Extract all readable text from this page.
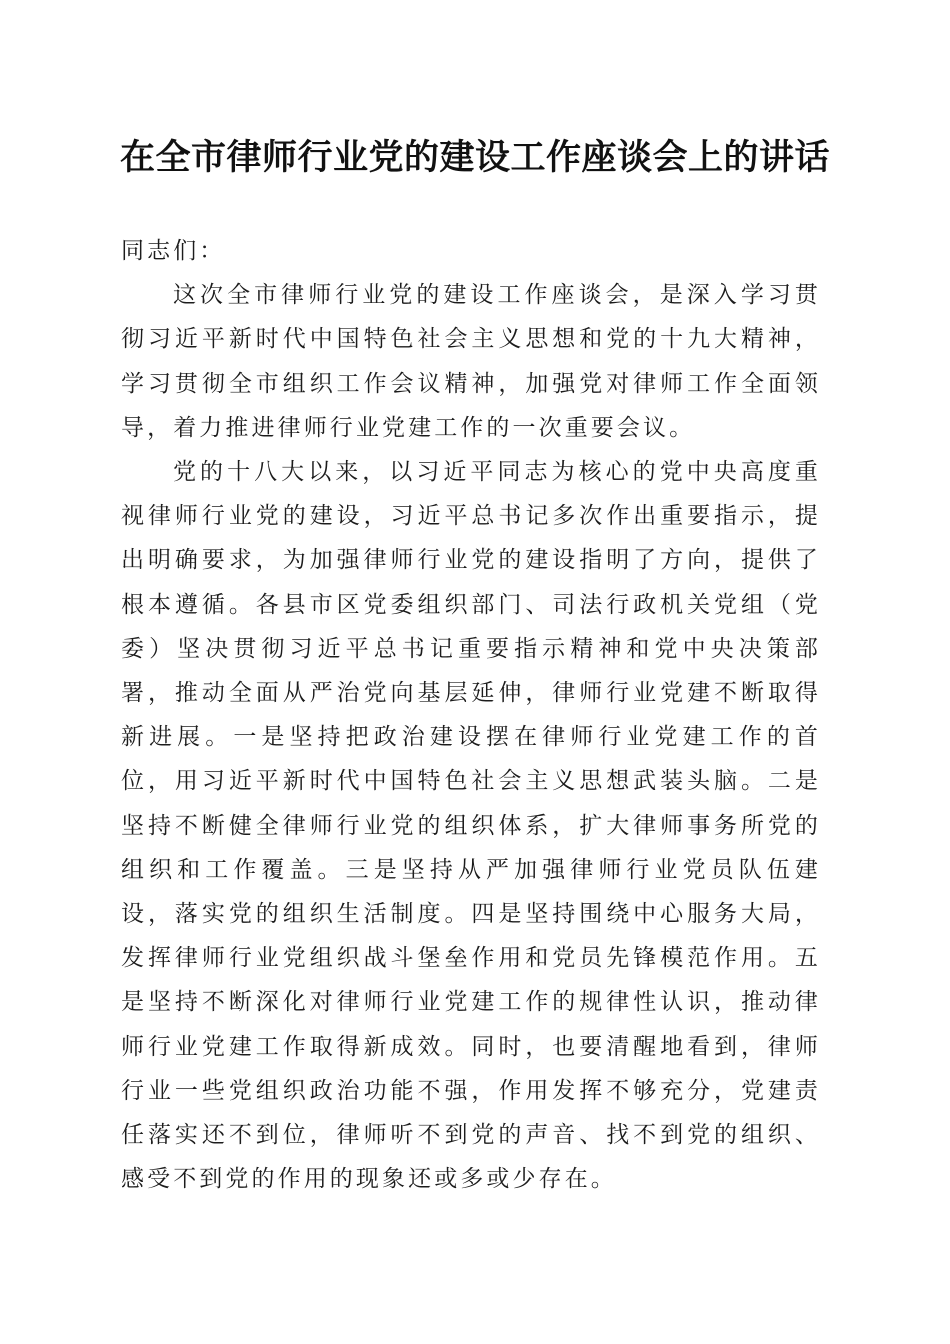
在全市律师行业党的建设工作座谈会上的讲话

同志们：

这次全市律师行业党的建设工作座谈会，是深入学习贯彻习近平新时代中国特色社会主义思想和党的十九大精神，学习贯彻全市组织工作会议精神，加强党对律师工作全面领导，着力推进律师行业党建工作的一次重要会议。

党的十八大以来，以习近平同志为核心的党中央高度重视律师行业党的建设，习近平总书记多次作出重要指示，提出明确要求，为加强律师行业党的建设指明了方向，提供了根本遵循。各县市区党委组织部门、司法行政机关党组（党委）坚决贯彻习近平总书记重要指示精神和党中央决策部署，推动全面从严治党向基层延伸，律师行业党建不断取得新进展。一是坚持把政治建设摆在律师行业党建工作的首位，用习近平新时代中国特色社会主义思想武装头脑。二是坚持不断健全律师行业党的组织体系，扩大律师事务所党的组织和工作覆盖。三是坚持从严加强律师行业党员队伍建设，落实党的组织生活制度。四是坚持围绕中心服务大局，发挥律师行业党组织战斗堡垒作用和党员先锋模范作用。五是坚持不断深化对律师行业党建工作的规律性认识，推动律师行业党建工作取得新成效。同时，也要清醒地看到，律师行业一些党组织政治功能不强，作用发挥不够充分，党建责任落实还不到位，律师听不到党的声音、找不到党的组织、感受不到党的作用的现象还或多或少存在。
